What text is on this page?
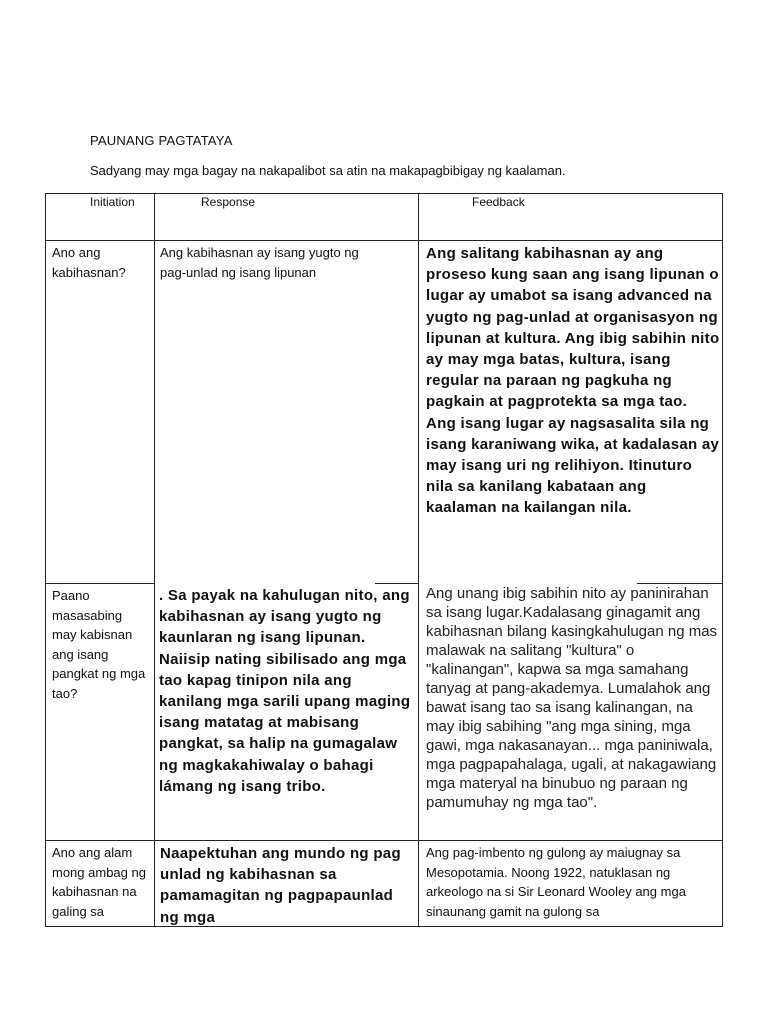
PAUNANG PAGTATAYA
Sadyang may mga bagay na nakapalibot sa atin na makapagbibigay ng kaalaman.
Initiation	Response	Feedback
Ano ang kabihasnan?
Ang kabihasnan ay isang yugto ng pag-unlad ng isang lipunan
Ang salitang kabihasnan ay ang proseso kung saan ang isang lipunan o lugar ay umabot sa isang advanced na yugto ng pag-unlad at organisasyon ng lipunan at kultura. Ang ibig sabihin nito ay may mga batas, kultura, isang regular na paraan ng pagkuha ng pagkain at pagprotekta sa mga tao. Ang isang lugar ay nagsasalita sila ng isang karaniwang wika, at kadalasan ay may isang uri ng relihiyon. Itinuturo nila sa kanilang kabataan ang kaalaman na kailangan nila.
Paano masasabing may kabisnan ang isang pangkat ng mga tao?
. Sa payak na kahulugan nito, ang kabihasnan ay isang yugto ng kaunlaran ng isang lipunan. Naiisip nating sibilisado ang mga tao kapag tinipon nila ang kanilang mga sarili upang maging isang matatag at mabisang pangkat, sa halip na gumagalaw ng magkakahiwalay o bahagi lámang ng isang tribo.
Ang unang ibig sabihin nito ay paninirahan sa isang lugar.Kadalasang ginagamit ang kabihasnan bilang kasingkahulugan ng mas malawak na salitang "kultura" o "kalinangan", kapwa sa mga samahang tanyag at pang-akademya. Lumalahok ang bawat isang tao sa isang kalinangan, na may ibig sabihing "ang mga sining, mga gawi, mga nakasanayan... mga paniniwala, mga pagpapahalaga, ugali, at nakagawiang mga materyal na binubuo ng paraan ng pamumuhay ng mga tao".
Ano ang alam mong ambag ng kabihasnan na galing sa
Naapektuhan ang mundo ng pag unlad ng kabihasnan sa pamamagitan ng pagpapaunlad ng mga
Ang pag-imbento ng gulong ay maiugnay sa Mesopotamia. Noong 1922, natuklasan ng arkeologo na si Sir Leonard Wooley ang mga sinaunang gamit na gulong sa
